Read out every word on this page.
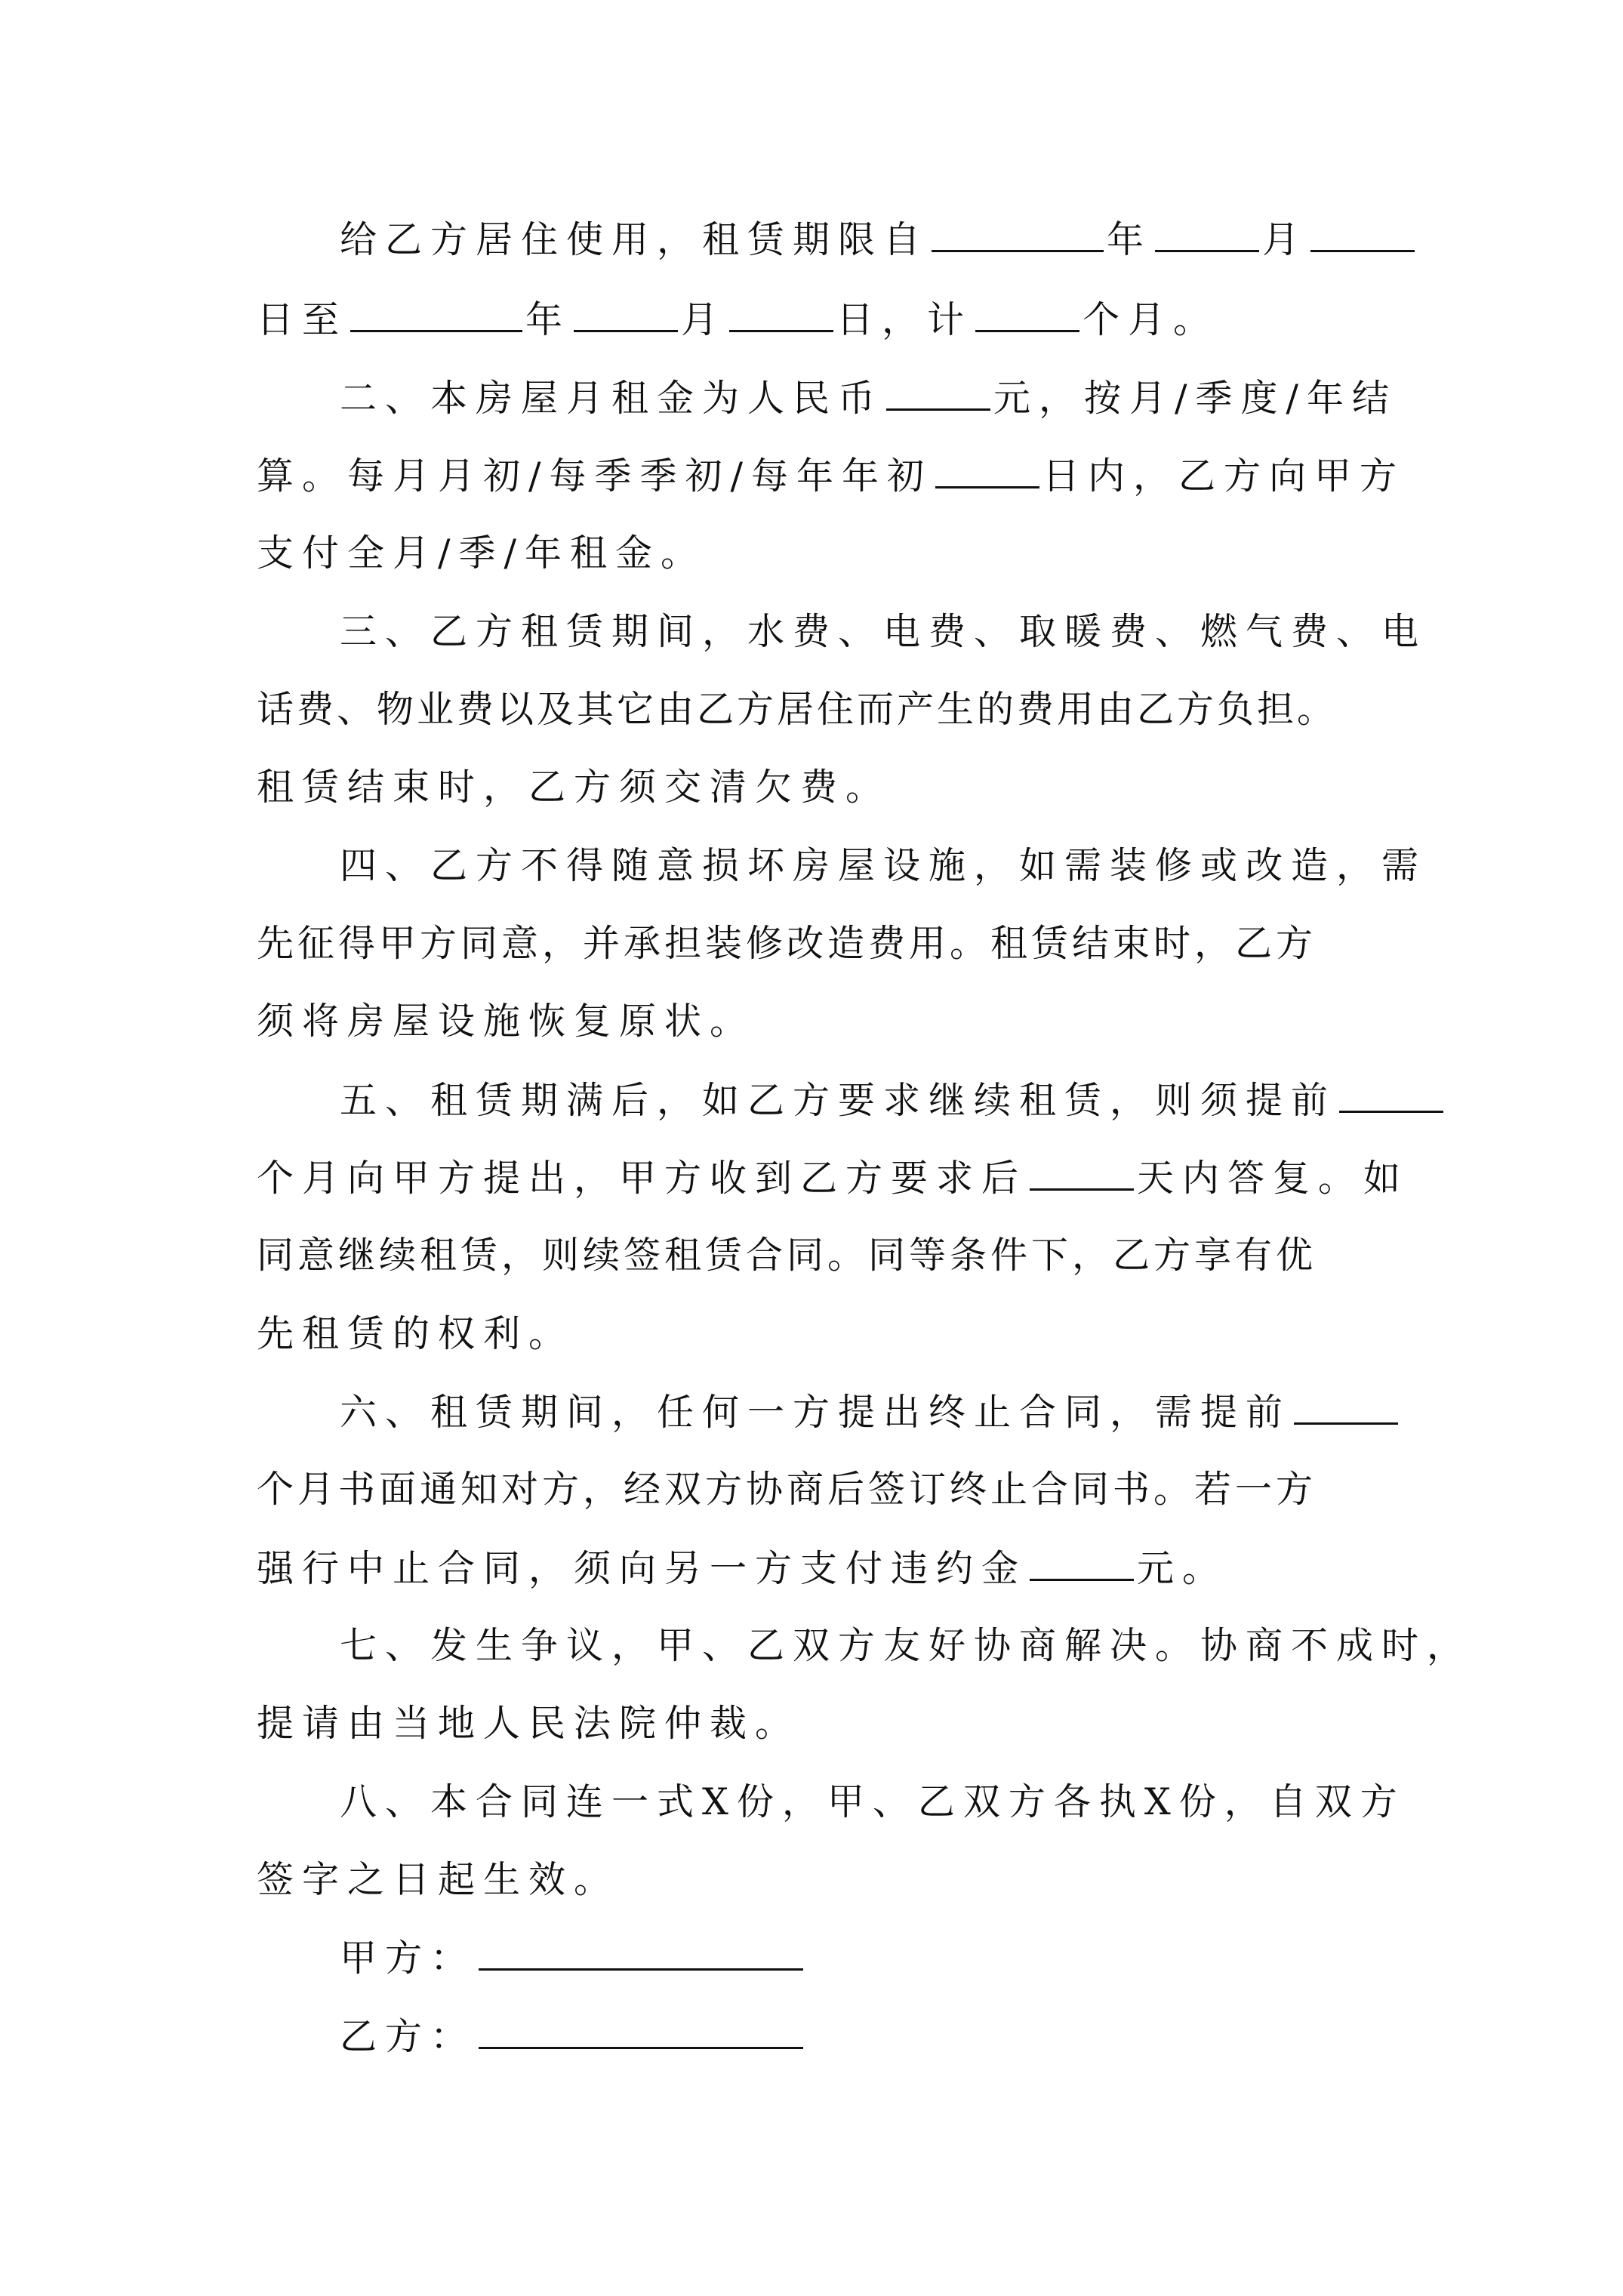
给乙方居住使用，租赁期限自	年	月
日至	年	月	日，计	个月。
二、本房屋月租金为人民币	元，按月/季度/年结
算。每月月初/每季季初/每年年初	日内，乙方向甲方
支付全月/季/年租金。
三、乙方租赁期间，水费、电费、取暖费、燃气费、电
话费、物业费以及其它由乙方居住而产生的费用由乙方负担。
租赁结束时，乙方须交清欠费。
四、乙方不得随意损坏房屋设施，如需装修或改造，需
先征得甲方同意，并承担装修改造费用。租赁结束时，乙方
须将房屋设施恢复原状。
五、租赁期满后，如乙方要求继续租赁，则须提前
个月向甲方提出，甲方收到乙方要求后	天内答复。如
同意继续租赁，则续签租赁合同。同等条件下，乙方享有优
先租赁的权利。
六、租赁期间，任何一方提出终止合同，需提前
个月书面通知对方，经双方协商后签订终止合同书。若一方
强行中止合同，须向另一方支付违约金	元。
七、发生争议，甲、乙双方友好协商解决。协商不成时，
提请由当地人民法院仲裁。
八、本合同连一式X份，甲、乙双方各执X份，自双方
签字之日起生效。
甲方：
乙方：
